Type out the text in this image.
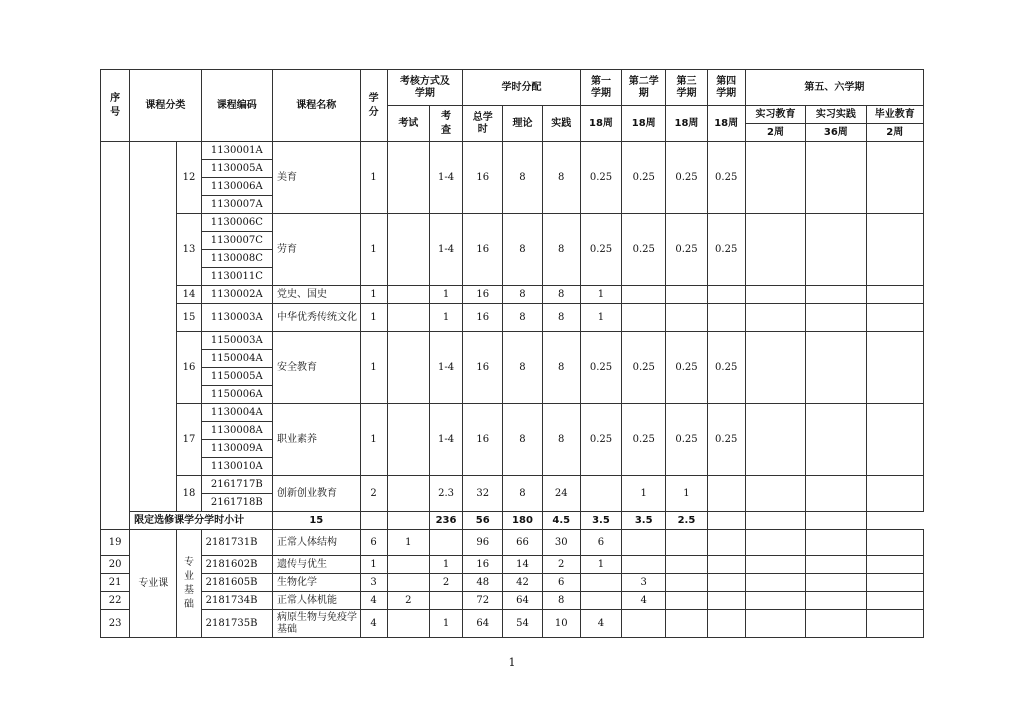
序号	课程分类		课程编码	课程名称	学分	考核方式及学期		学时分配			第一学期	第二学期	第三学期	第四学期	第五、六学期		
						考试	考查	总学时	理论	实践	18周	18周	18周	18周	实习教育	实习实践	毕业教育
															2周	36周	2周
		12	1130001A	美育	1		1-4	16	8	8	0.25	0.25	0.25	0.25			
			1130005A														
			1130006A														
			1130007A														
		13	1130006C	劳育	1		1-4	16	8	8	0.25	0.25	0.25	0.25			
			1130007C														
			1130008C														
			1130011C														
		14	1130002A	党史、国史	1		1	16	8	8	1						
		15	1130003A	中华优秀传统文化	1		1	16	8	8	1						
		16	1150003A	安全教育	1		1-4	16	8	8	0.25	0.25	0.25	0.25			
			1150004A														
			1150005A														
			1150006A														
		17	1130004A	职业素养	1		1-4	16	8	8	0.25	0.25	0.25	0.25			
			1130008A														
			1130009A														
			1130010A														
		18	2161717B	创新创业教育	2		2.3	32	8	24		1	1				
			2161718B														
	限定选修课学分学时小计			15			236	56	180	4.5	3.5	3.5	2.5				
19	专业课	专业基础	2181731B	正常人体结构	6	1		96	66	30	6						
20			2181602B	遗传与优生	1		1	16	14	2	1						
21			2181605B	生物化学	3		2	48	42	6		3					
22			2181734B	正常人体机能	4	2		72	64	8		4					
23			2181735B	病原生物与免疫学基础	4		1	64	54	10	4						
1
